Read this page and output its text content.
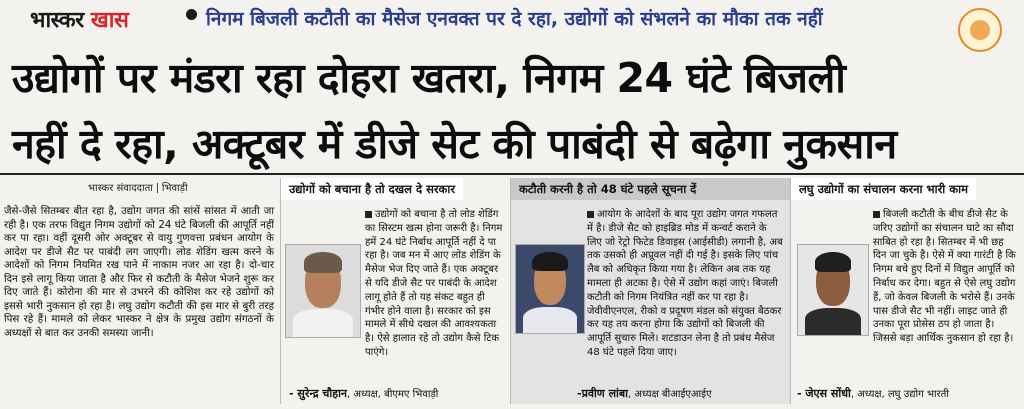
भास्कर खास	निगम बिजली कटौती का मैसेज एनवक्त पर दे रहा, उद्योगों को संभलने का मौका तक नहीं
उद्योगों पर मंडरा रहा दोहरा खतरा, निगम 24 घंटे बिजली
नहीं दे रहा, अक्टूबर में डीजे सेट की पाबंदी से बढ़ेगा नुकसान
भास्कर संवाददाता भिवाड़ी
जैसे-जैसे सितम्बर बीत रहा है, उद्योग जगत की सांसें सांसत में आती जा रही है। एक तरफ विद्युत निगम उद्योगों को 24 घंटे बिजली की आपूर्ति नहीं कर पा रहा। वहीं दूसरी ओर अक्टूबर से वायु गुणवत्ता प्रबंधन आयोग के आदेश पर डीजे सैट पर पाबंदी लग जाएगी। लोड शेडिंग खत्म करने के आदेशों को निगम नियमित रख पाने में नाकाम नजर आ रहा है। दो-चार दिन इसे लागू किया जाता है और फिर से कटौती के मैसेज भेजने शुरू कर दिए जाते हैं। कोरोना की मार से उभरने की कोशिश कर रहे उद्योगों को इससे भारी नुकसान हो रहा है। लघु उद्योग कटौती की इस मार से बुरी तरह पिस रहे हैं। मामले को लेकर भास्कर ने क्षेत्र के प्रमुख उद्योग संगठनों के अध्यक्षों से बात कर उनकी समस्या जानी।
उद्योगों को बचाना है तो दखल दे सरकार
उद्योगों को बचाना है तो लोड शेडिंग का सिस्टम खत्म होना जरूरी है। निगम हमें 24 घंटे निर्बाध आपूर्ति नहीं दे पा रहा है। जब मन में आए लोड शेडिंग के मैसेज भेज दिए जाते हैं। एक अक्टूबर से यदि डीजे सैट पर पाबंदी के आदेश लागू होते हैं तो यह संकट बहुत ही गंभीर होने वाला है। सरकार को इस मामले में सीधे दखल की आवश्यकता है। ऐसे हालात रहे तो उद्योग कैसे टिक पाएंगे।
- सुरेन्द्र चौहान, अध्यक्ष, बीएमए भिवाड़ी
कटौती करनी है तो 48 घंटे पहले सूचना दें
आयोग के आदेशों के बाद पूरा उद्योग जगत गफलत में है। डीजे सैट को हाइब्रिड मोड में कन्वर्ट कराने के लिए जो रेट्रो फिटेड डिवाइस (आईसीडी) लगानी है, अब तक उसको ही अप्रूवल नहीं दी गई है। इसके लिए पांच लैब को अधिकृत किया गया है। लेकिन अब तक यह मामला ही अटका है। ऐसे में उद्योग कहां जाएं। बिजली कटौती को निगम नियंत्रित नहीं कर पा रहा है। जेवीवीएनएल, रीको व प्रदूषण मंडल को संयुक्त बैठकर कर यह तय करना होगा कि उद्योगों को बिजली की आपूर्ति सुचारु मिले। शटडाउन लेना है तो प्रबंध मैसेज 48 घंटे पहले दिया जाए।
-प्रवीण लांबा, अध्यक्ष बीआईएआईए
लघु उद्योगों का संचालन करना भारी काम
बिजली कटौती के बीच डीजे सैट के जरिए उद्योगों का संचालन घाटे का सौदा साबित हो रहा है। सितम्बर में भी छह दिन जा चुके है। ऐसे में क्या गारंटी है कि निगम बचे हुए दिनों में विद्युत आपूर्ति को निर्बाध कर देगा। बहुत से ऐसे लघु उद्योग हैं, जो केवल बिजली के भरोसे हैं। उनके पास डीजे सैट भी नहीं। लाइट जाते ही उनका पूरा प्रोसेस ठप हो जाता है। जिससे बड़ा आर्थिक नुकसान हो रहा है।
- जेएस सोंधी, अध्यक्ष, लघु उद्योग भारती
